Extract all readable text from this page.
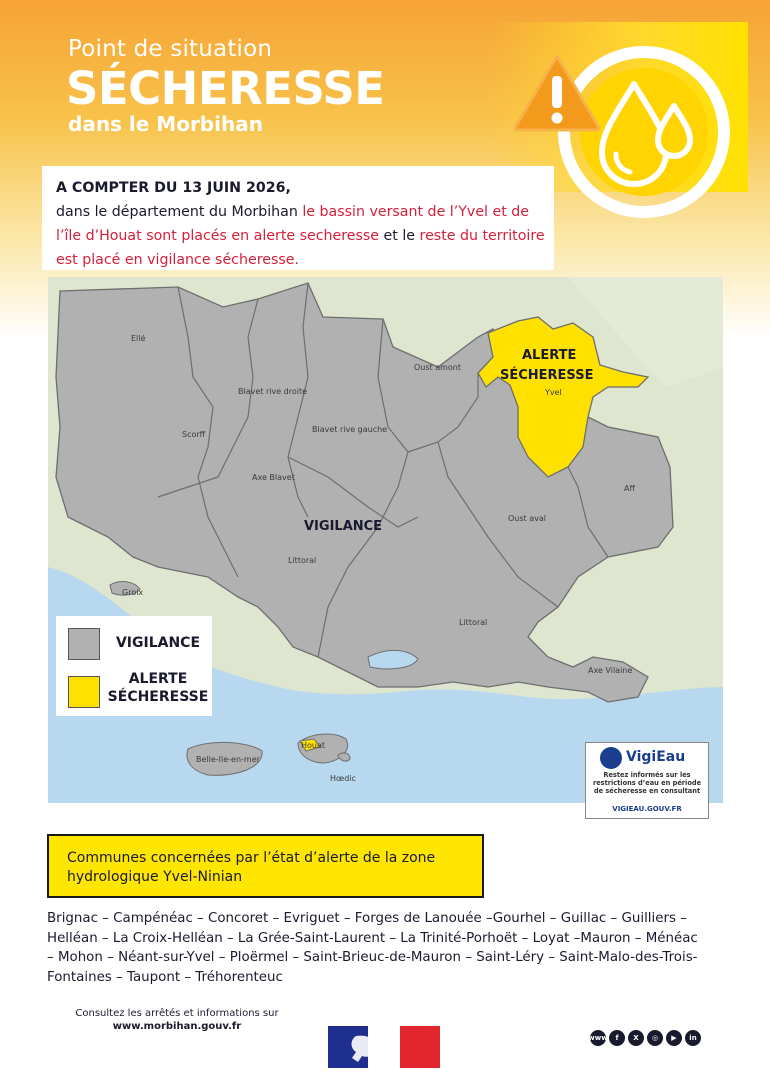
Point de situation
SÉCHERESSE
dans le Morbihan

A COMPTER DU 13 JUIN 2026,
dans le département du Morbihan le bassin versant de l’Yvel et de l’île d’Houat sont placés en alerte secheresse et le reste du territoire est placé en vigilance sécheresse.

Ellé
Scorff
Blavet rive droite
Blavet rive gauche
Axe Blavet
Oust amont
Yvel
Aff
Oust aval
Littoral
Littoral
Axe Vilaine
Groix
Belle-Ile-en-mer
Houat
Hœdic
ALERTE
SÉCHERESSE
VIGILANCE
VIGILANCE
ALERTE
SÉCHERESSE
VigiEau
Restez informés sur les restrictions d’eau en période de sécheresse en consultant
VIGIEAU.GOUV.FR

Communes concernées par l’état d’alerte de la zone
hydrologique Yvel-Ninian

Brignac – Campénéac – Concoret – Evriguet – Forges de Lanouée –Gourhel – Guillac – Guilliers – Helléan – La Croix-Helléan – La Grée-Saint-Laurent – La Trinité-Porhoët – Loyat –Mauron – Ménéac – Mohon – Néant-sur-Yvel – Ploërmel – Saint-Brieuc-de-Mauron – Saint-Léry – Saint-Malo-des-Trois-Fontaines – Taupont – Tréhorenteuc

Consultez les arrêtés et informations sur
www.morbihan.gouv.fr
www	f	X	◎	▶	in
